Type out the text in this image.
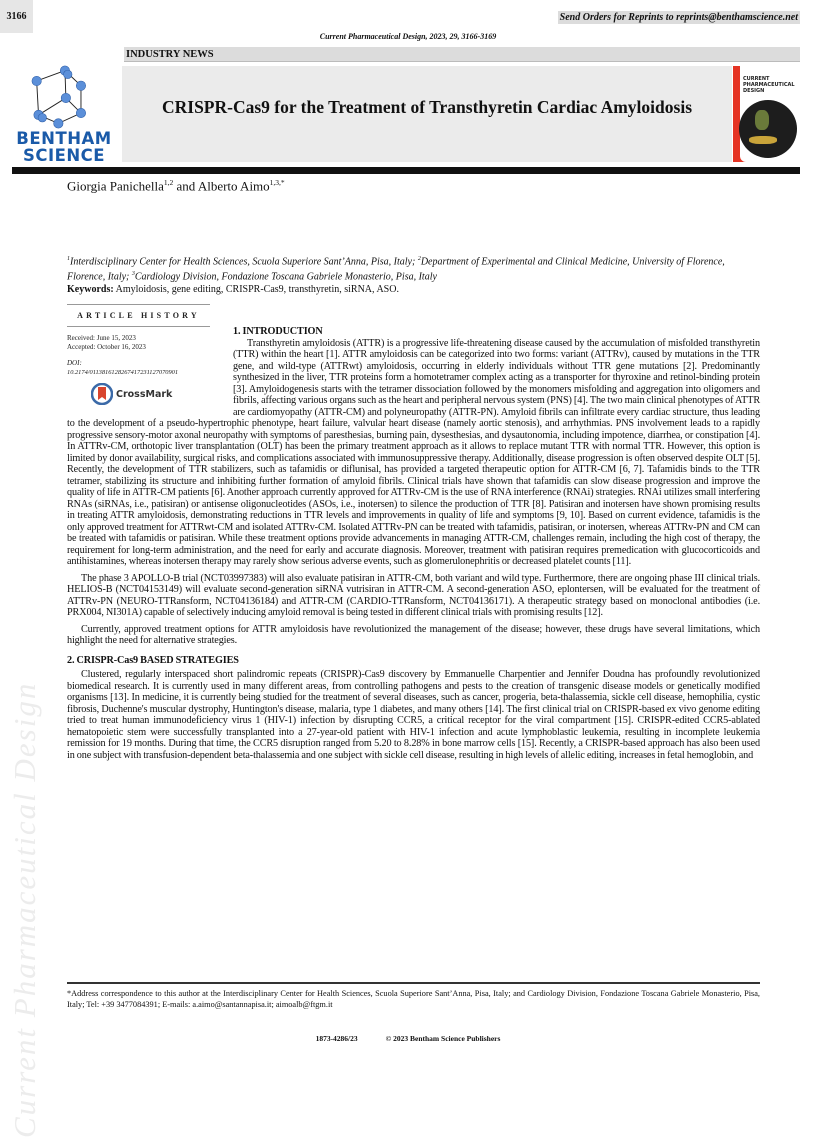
Current Pharmaceutical Design
3166	Send Orders for Reprints to reprints@benthamscience.net
Current Pharmaceutical Design, 2023, 29, 3166-3169
INDUSTRY NEWS
BENTHAM SCIENCE
CRISPR-Cas9 for the Treatment of Transthyretin Cardiac Amyloidosis
CURRENT PHARMACEUTICAL DESIGN
Giorgia Panichella$^{1,2}$ and Alberto Aimo$^{1,3,*}$
$^1$Interdisciplinary Center for Health Sciences, Scuola Superiore Sant’Anna, Pisa, Italy; $^2$Department of Experimental and Clinical Medicine, University of Florence, Florence, Italy; $^3$Cardiology Division, Fondazione Toscana Gabriele Monasterio, Pisa, Italy
Keywords: Amyloidosis, gene editing, CRISPR-Cas9, transthyretin, siRNA, ASO.
ARTICLE HISTORY
Received: June 15, 2023
Accepted: October 16, 2023
DOI:
10.2174/0113816128267417231127070901
CrossMark
1. INTRODUCTION

Transthyretin amyloidosis (ATTR) is a progressive life-threatening disease caused by the accumulation of misfolded transthyretin (TTR) within the heart [1]. ATTR amyloidosis can be categorized into two forms: variant (ATTRv), caused by mutations in the TTR gene, and wild-type (ATTRwt) amyloidosis, occurring in elderly individuals without TTR gene mutations [2]. Predominantly synthesized in the liver, TTR proteins form a homotetramer complex acting as a transporter for thyroxine and retinol-binding protein [3]. Amyloidogenesis starts with the tetramer dissociation followed by the monomers misfolding and aggregation into oligomers and fibrils, affecting various organs such as the heart and peripheral nervous system (PNS) [4]. The two main clinical phenotypes of ATTR are cardiomyopathy (ATTR-CM) and polyneuropathy (ATTR-PN). Amyloid fibrils can infiltrate every cardiac structure, thus leading to the development of a pseudo-hypertrophic phenotype, heart failure, valvular heart disease (namely aortic stenosis), and arrhythmias. PNS involvement leads to a rapidly progressive sensory-motor axonal neuropathy with symptoms of paresthesias, burning pain, dysesthesias, and dysautonomia, including impotence, diarrhea, or constipation [4]. In ATTRv-CM, orthotopic liver transplantation (OLT) has been the primary treatment approach as it allows to replace mutant TTR with normal TTR. However, this option is limited by donor availability, surgical risks, and complications associated with immunosuppressive therapy. Additionally, disease progression is often observed despite OLT [5]. Recently, the development of TTR stabilizers, such as tafamidis or diflunisal, has provided a targeted therapeutic option for ATTR-CM [6, 7]. Tafamidis binds to the TTR tetramer, stabilizing its structure and inhibiting further formation of amyloid fibrils. Clinical trials have shown that tafamidis can slow disease progression and improve the quality of life in ATTR-CM patients [6]. Another approach currently approved for ATTRv-CM is the use of RNA interference (RNAi) strategies. RNAi utilizes small interfering RNAs (siRNAs, i.e., patisiran) or antisense oligonucleotides (ASOs, i.e., inotersen) to silence the production of TTR [8]. Patisiran and inotersen have shown promising results in treating ATTR amyloidosis, demonstrating reductions in TTR levels and improvements in quality of life and symptoms [9, 10]. Based on current evidence, tafamidis is the only approved treatment for ATTRwt-CM and isolated ATTRv-CM. Isolated ATTRv-PN can be treated with tafamidis, patisiran, or inotersen, whereas ATTRv-PN and CM can be treated with tafamidis or patisiran. While these treatment options provide advancements in managing ATTR-CM, challenges remain, including the high cost of therapy, the requirement for long-term administration, and the need for early and accurate diagnosis. Moreover, treatment with patisiran requires premedication with glucocorticoids and antihistamines, whereas inotersen therapy may rarely show serious adverse events, such as glomerulonephritis or decreased platelet counts [11].

The phase 3 APOLLO-B trial (NCT03997383) will also evaluate patisiran in ATTR-CM, both variant and wild type. Furthermore, there are ongoing phase III clinical trials. HELIOS-B (NCT04153149) will evaluate second-generation siRNA vutrisiran in ATTR-CM. A second-generation ASO, eplontersen, will be evaluated for the treatment of ATTRv-PN (NEURO-TTRansform, NCT04136184) and ATTR-CM (CARDIO-TTRansform, NCT04136171). A therapeutic strategy based on monoclonal antibodies (i.e. PRX004, NI301A) capable of selectively inducing amyloid removal is being tested in different clinical trials with promising results [12].

Currently, approved treatment options for ATTR amyloidosis have revolutionized the management of the disease; however, these drugs have several limitations, which highlight the need for alternative strategies.

2. CRISPR-Cas9 BASED STRATEGIES

Clustered, regularly interspaced short palindromic repeats (CRISPR)-Cas9 discovery by Emmanuelle Charpentier and Jennifer Doudna has profoundly revolutionized biomedical research. It is currently used in many different areas, from controlling pathogens and pests to the creation of transgenic disease models or genetically modified organisms [13]. In medicine, it is currently being studied for the treatment of several diseases, such as cancer, progeria, beta-thalassemia, sickle cell disease, hemophilia, cystic fibrosis, Duchenne's muscular dystrophy, Huntington's disease, malaria, type 1 diabetes, and many others [14]. The first clinical trial on CRISPR-based ex vivo genome editing tried to treat human immunodeficiency virus 1 (HIV-1) infection by disrupting CCR5, a critical receptor for the viral compartment [15]. CRISPR-edited CCR5-ablated hematopoietic stem were successfully transplanted into a 27-year-old patient with HIV-1 infection and acute lymphoblastic leukemia, resulting in incomplete leukemia remission for 19 months. During that time, the CCR5 disruption ranged from 5.20 to 8.28% in bone marrow cells [15]. Recently, a CRISPR-based approach has also been used in one subject with transfusion-dependent beta-thalassemia and one subject with sickle cell disease, resulting in high levels of allelic editing, increases in fetal hemoglobin, and

*Address correspondence to this author at the Interdisciplinary Center for Health Sciences, Scuola Superiore Sant’Anna, Pisa, Italy; and Cardiology Division, Fondazione Toscana Gabriele Monasterio, Pisa, Italy; Tel: +39 3477084391; E-mails: a.aimo@santannapisa.it; aimoalb@ftgm.it
1873-4286/23	© 2023 Bentham Science Publishers
